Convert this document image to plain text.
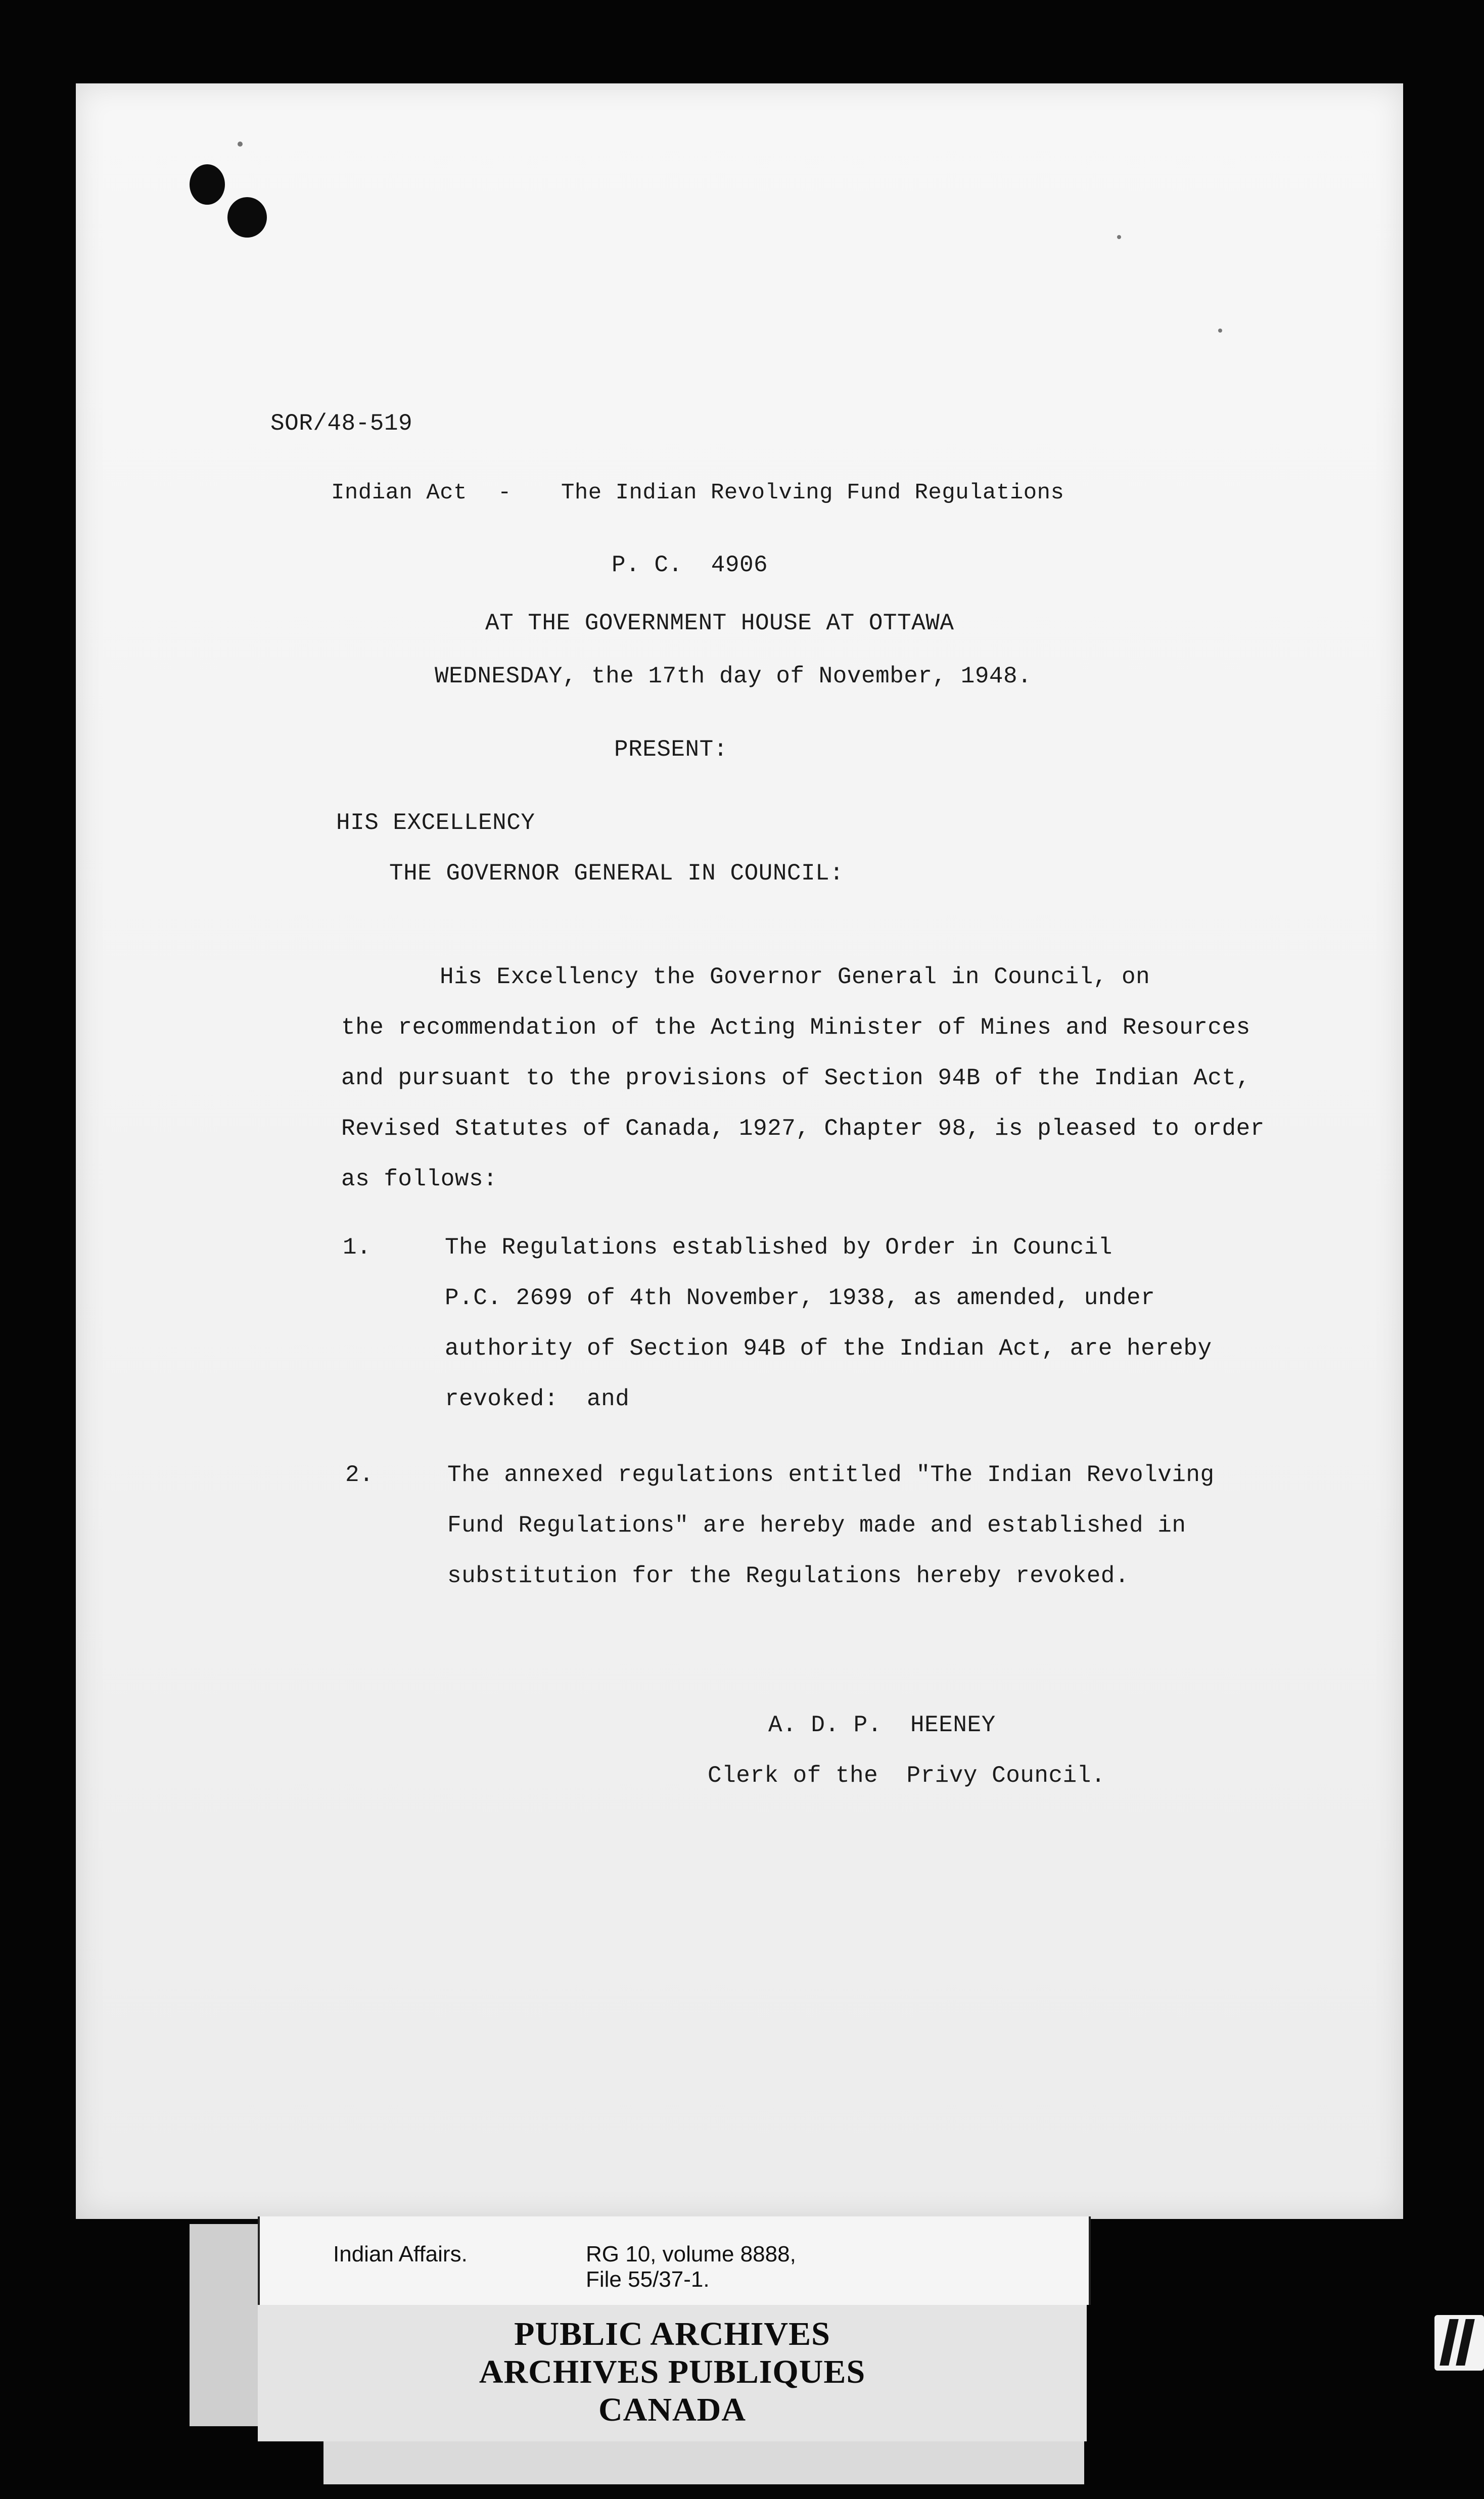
SOR/48-519
Indian Act - The Indian Revolving Fund Regulations
P. C.  4906
AT THE GOVERNMENT HOUSE AT OTTAWA
WEDNESDAY, the 17th day of November, 1948.
PRESENT:
HIS EXCELLENCY
THE GOVERNOR GENERAL IN COUNCIL:
His Excellency the Governor General in Council, on
the recommendation of the Acting Minister of Mines and Resources
and pursuant to the provisions of Section 94B of the Indian Act,
Revised Statutes of Canada, 1927, Chapter 98, is pleased to order
as follows:
1.	The Regulations established by Order in Council
P.C. 2699 of 4th November, 1938, as amended, under
authority of Section 94B of the Indian Act, are hereby
revoked:  and
2.	The annexed regulations entitled "The Indian Revolving
Fund Regulations" are hereby made and established in
substitution for the Regulations hereby revoked.
A. D. P.  HEENEY
Clerk of the  Privy Council.
Indian Affairs.	RG 10, volume 8888,
File 55/37-1.
PUBLIC ARCHIVES
ARCHIVES PUBLIQUES
CANADA
